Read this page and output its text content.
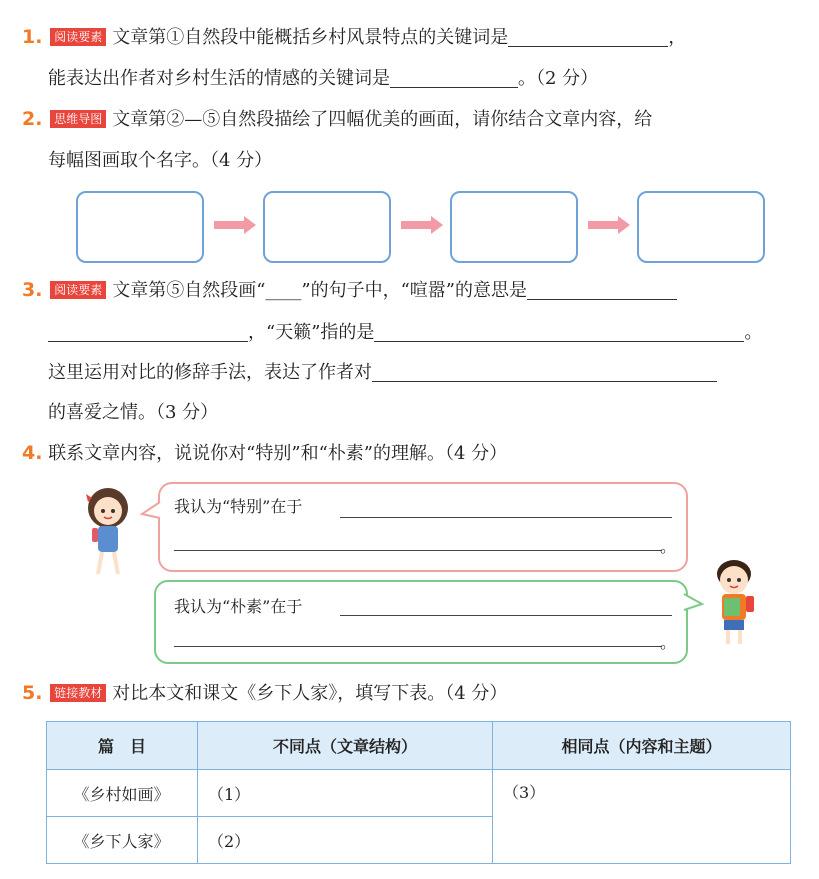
1. 阅读要素 文章第①自然段中能概括乡村风景特点的关键词是	，
能表达出作者对乡村生活的情感的关键词是	。（2 分）
2. 思维导图 文章第②—⑤自然段描绘了四幅优美的画面，请你结合文章内容，给
每幅图画取个名字。（4 分）
3. 阅读要素 文章第⑤自然段画“____”的句子中，“喧嚣”的意思是
，“天籁”指的是	。
这里运用对比的修辞手法，表达了作者对
的喜爱之情。（3 分）
4. 联系文章内容，说说你对“特别”和“朴素”的理解。（4 分）
我认为“特别”在于
。
我认为“朴素”在于
。
5. 链接教材 对比本文和课文《乡下人家》，填写下表。（4 分）
篇　目	不同点（文章结构）	相同点（内容和主题）
《乡村如画》	（1）	（3）
《乡下人家》	（2）	
